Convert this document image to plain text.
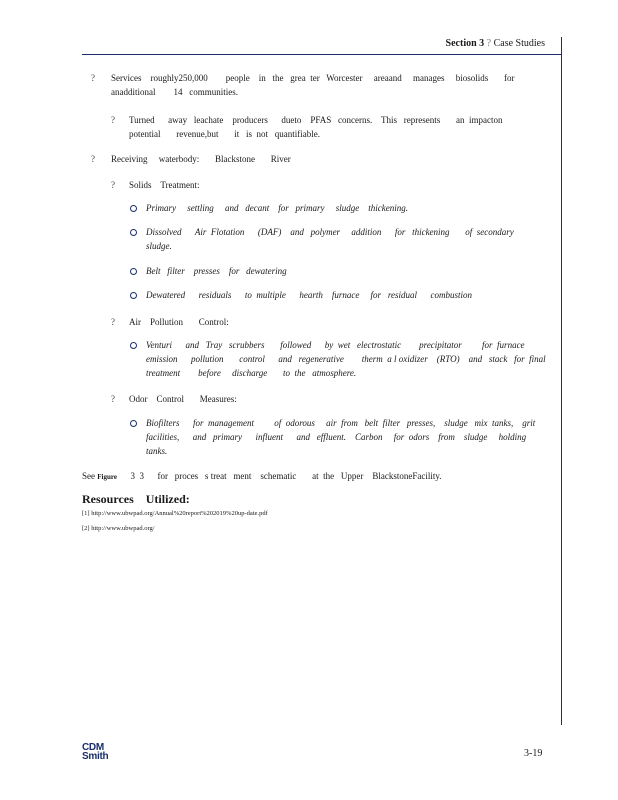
Section 3 ? Case Studies
? Services    roughly250,000        people    in   the   grea  ter   Worcester     areaand     manages     biosolids       for
anadditional        14   communities.
? Turned      away   leachate    producers      dueto    PFAS   concerns.    This   represents       an  impacton
potential       revenue,but       it   is  not   quantifiable.
? Receiving     waterbody:       Blackstone       River
? Solids    Treatment:
Primary     settling     and   decant    for   primary     sludge    thickening.
Dissolved      Air  Flotation      (DAF)    and   polymer     addition      for   thickening       of  secondary
sludge.
Belt   filter    presses    for   dewatering
Dewatered      residuals      to  multiple      hearth    furnace     for   residual      combustion
? Air    Pollution       Control:
Venturi      and   Tray   scrubbers       followed      by  wet   electrostatic        precipitator         for  furnace
emission      pollution       control      and   regenerative        therm  a l oxidizer    (RTO)    and   stack   for  final
treatment        before     discharge       to  the   atmosphere.
? Odor    Control       Measures:
Biofilters      for  management         of  odorous     air  from   belt  filter   presses,    sludge   mix  tanks,    grit
facilities,      and   primary      influent      and   effluent.    Carbon     for  odors    from    sludge     holding
tanks.
See Figure 3  3      for   proces   s treat   ment    schematic       at  the   Upper    BlackstoneFacility.
Resources    Utilized:
[1] http://www.ubwpad.org/Annual%20report%202019%20up-date.pdf
[2] http://www.ubwpad.org/
CDM
Smith	3-19
